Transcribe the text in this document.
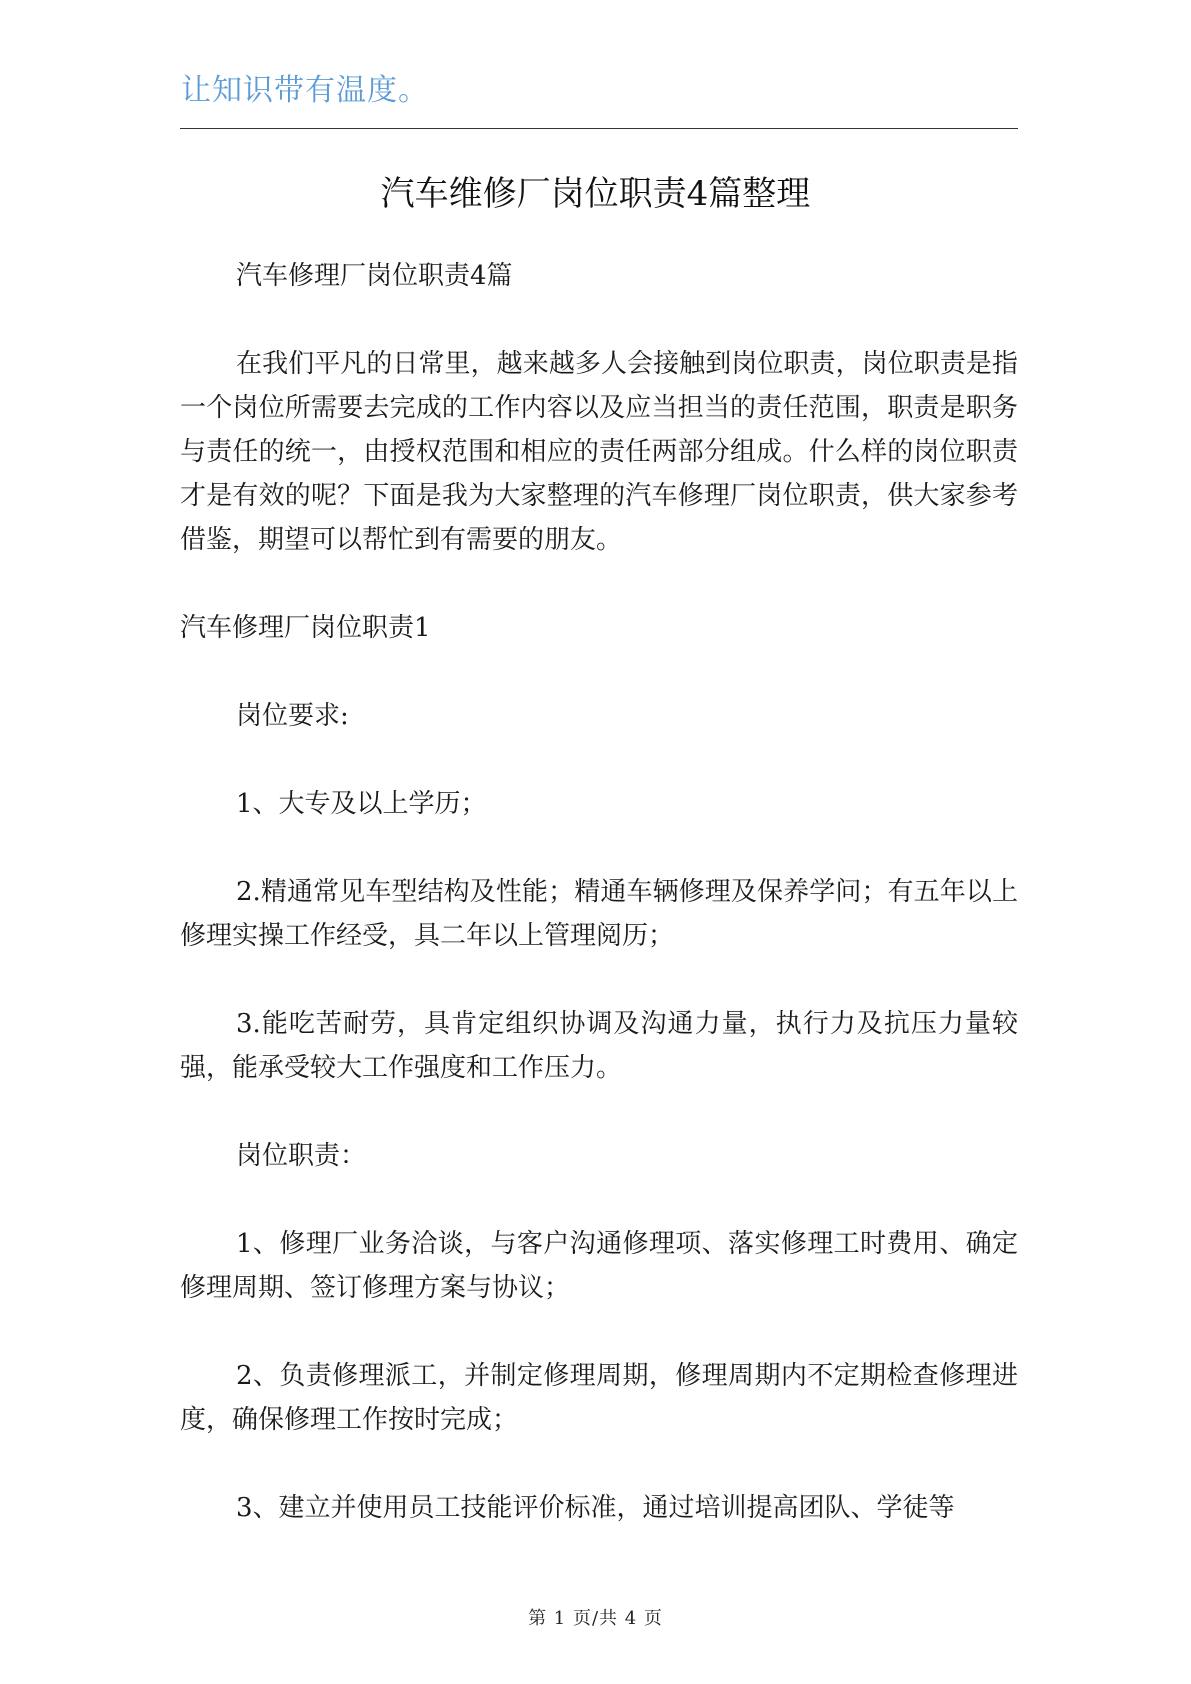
让知识带有温度。
汽车维修厂岗位职责4篇整理

汽车修理厂岗位职责4篇

在我们平凡的日常里，越来越多人会接触到岗位职责，岗位职责是指一个岗位所需要去完成的工作内容以及应当担当的责任范围，职责是职务与责任的统一，由授权范围和相应的责任两部分组成。什么样的岗位职责才是有效的呢？下面是我为大家整理的汽车修理厂岗位职责，供大家参考借鉴，期望可以帮忙到有需要的朋友。

汽车修理厂岗位职责1

岗位要求:

1、大专及以上学历；

2.精通常见车型结构及性能；精通车辆修理及保养学问；有五年以上修理实操工作经受，具二年以上管理阅历；

3.能吃苦耐劳，具肯定组织协调及沟通力量，执行力及抗压力量较强，能承受较大工作强度和工作压力。

岗位职责：

1、修理厂业务洽谈，与客户沟通修理项、落实修理工时费用、确定修理周期、签订修理方案与协议；

2、负责修理派工，并制定修理周期，修理周期内不定期检查修理进度，确保修理工作按时完成；

3、建立并使用员工技能评价标准，通过培训提高团队、学徒等

第 1 页/共 4 页
